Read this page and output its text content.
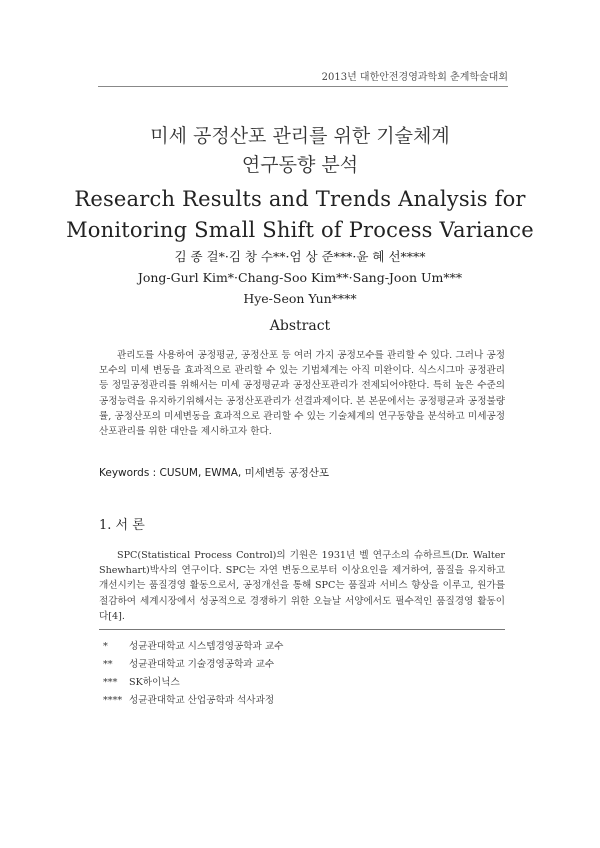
2013년 대한안전경영과학회 춘계학술대회
미세 공정산포 관리를 위한 기술체계
연구동향 분석
Research Results and Trends Analysis for
Monitoring Small Shift of Process Variance
김 종 걸*·김 창 수**·엄 상 준***·윤 혜 선****
Jong-Gurl Kim*·Chang-Soo Kim**·Sang-Joon Um***
Hye-Seon Yun****
Abstract

관리도를 사용하여 공정평균, 공정산포 등 여러 가지 공정모수를 관리할 수 있다. 그러나 공정모수의 미세 변동을 효과적으로 관리할 수 있는 기법체계는 아직 미완이다. 식스시그마 공정관리 등 정밀공정관리를 위해서는 미세 공정평균과 공정산포관리가 전제되어야한다. 특히 높은 수준의 공정능력을 유지하기위해서는 공정산포관리가 선결과제이다. 본 본문에서는 공정평균과 공정불량률, 공정산포의 미세변동을 효과적으로 관리할 수 있는 기술체계의 연구동향을 분석하고 미세공정산포관리를 위한 대안을 제시하고자 한다.

Keywords : CUSUM, EWMA, 미세변동 공정산포
1. 서 론

SPC(Statistical Process Control)의 기원은 1931년 벨 연구소의 슈하르트(Dr. Walter Shewhart)박사의 연구이다. SPC는 자연 변동으로부터 이상요인을 제거하여, 품질을 유지하고 개선시키는 품질경영 활동으로서, 공정개선을 통해 SPC는 품질과 서비스 향상을 이루고, 원가를 절감하여 세계시장에서 성공적으로 경쟁하기 위한 오늘날 서양에서도 필수적인 품질경영 활동이다[4].

* 성균관대학교 시스템경영공학과 교수
** 성균관대학교 기술경영공학과 교수
*** SK하이닉스
**** 성균관대학교 산업공학과 석사과정
